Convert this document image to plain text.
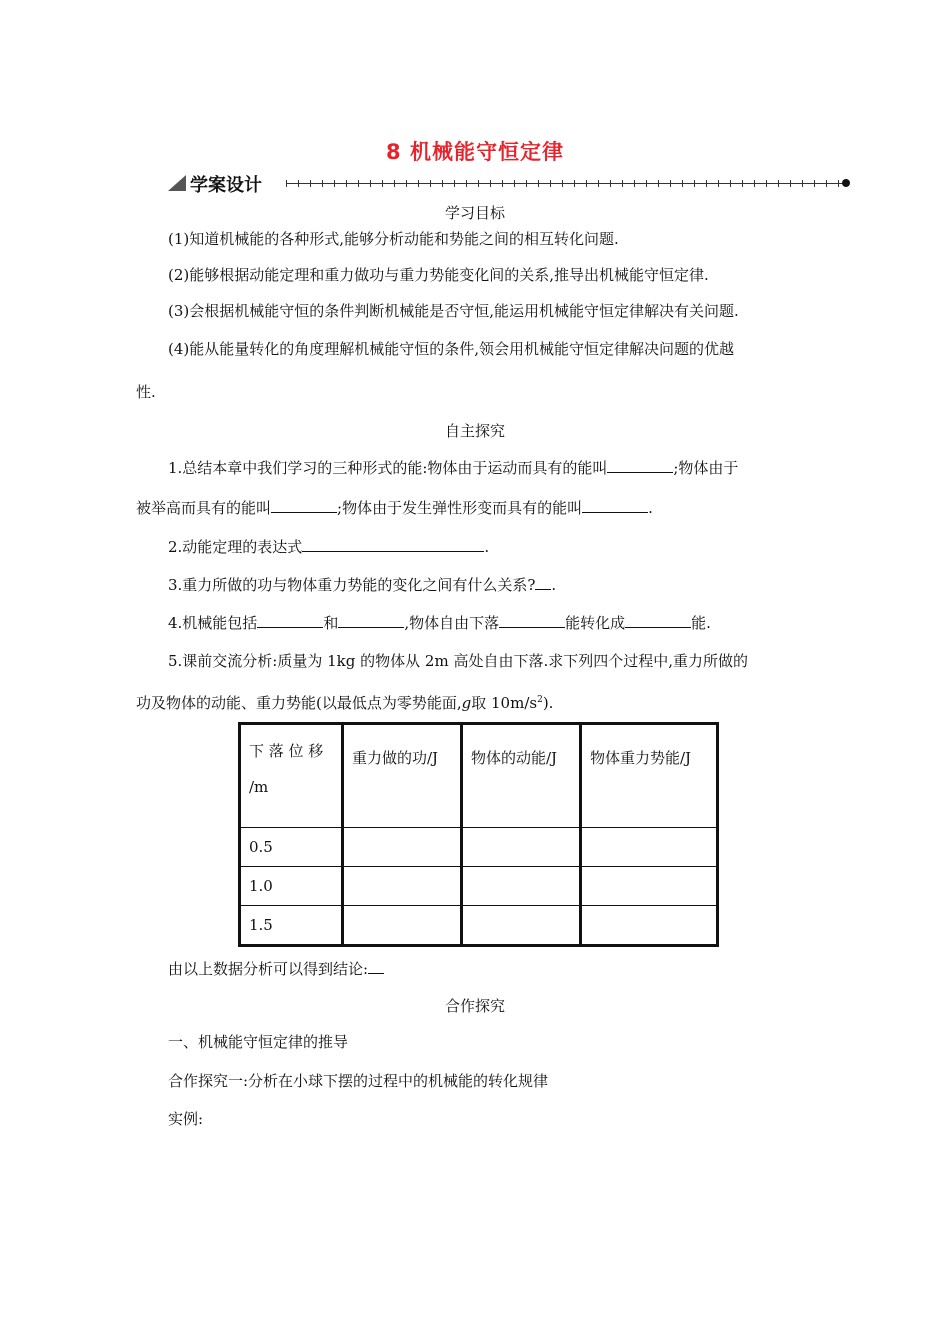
8 机械能守恒定律
学案设计
学习目标
(1)知道机械能的各种形式,能够分析动能和势能之间的相互转化问题.
(2)能够根据动能定理和重力做功与重力势能变化间的关系,推导出机械能守恒定律.
(3)会根据机械能守恒的条件判断机械能是否守恒,能运用机械能守恒定律解决有关问题.
(4)能从能量转化的角度理解机械能守恒的条件,领会用机械能守恒定律解决问题的优越
性.
自主探究
1.总结本章中我们学习的三种形式的能:物体由于运动而具有的能叫	;物体由于
被举高而具有的能叫	;物体由于发生弹性形变而具有的能叫	.
2.动能定理的表达式	.
3.重力所做的功与物体重力势能的变化之间有什么关系? .
4.机械能包括	和	,物体自由下落	能转化成	能.
5.课前交流分析:质量为 1kg 的物体从 2m 高处自由下落.求下列四个过程中,重力所做的
功及物体的动能、重力势能(以最低点为零势能面,g取 $10m/s^2$).
下 落 位 移
/m	重力做的功/J	物体的动能/J	物体重力势能/J
0.5			
1.0			
1.5			
由以上数据分析可以得到结论:
合作探究
一、机械能守恒定律的推导
合作探究一:分析在小球下摆的过程中的机械能的转化规律
实例:
